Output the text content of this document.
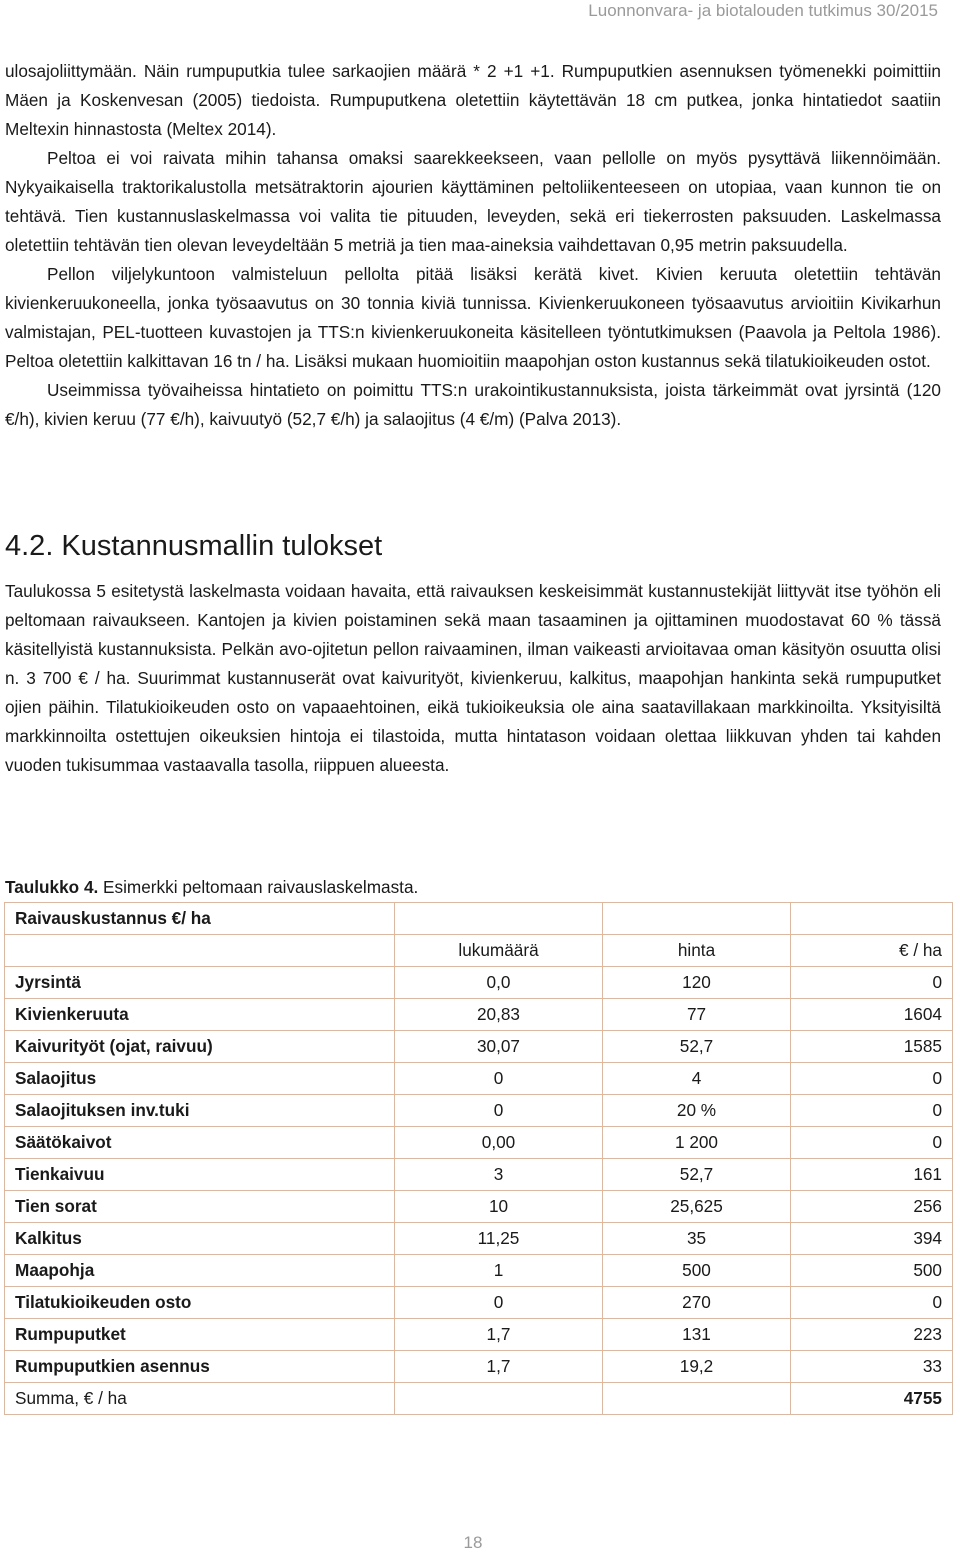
Luonnonvara- ja biotalouden tutkimus 30/2015

ulosajoliittymään. Näin rumpuputkia tulee sarkaojien määrä * 2 +1 +1. Rumpuputkien asennuksen työmenekki poimittiin Mäen ja Koskenvesan (2005) tiedoista. Rumpuputkena oletettiin käytettävän 18 cm putkea, jonka hintatiedot saatiin Meltexin hinnastosta (Meltex 2014).

Peltoa ei voi raivata mihin tahansa omaksi saarekkeekseen, vaan pellolle on myös pysyttävä liikennöimään. Nykyaikaisella traktorikalustolla metsätraktorin ajourien käyttäminen peltoliikenteeseen on utopiaa, vaan kunnon tie on tehtävä. Tien kustannuslaskelmassa voi valita tie pituuden, leveyden, sekä eri tiekerrosten paksuuden. Laskelmassa oletettiin tehtävän tien olevan leveydeltään 5 metriä ja tien maa-aineksia vaihdettavan 0,95 metrin paksuudella.

Pellon viljelykuntoon valmisteluun pellolta pitää lisäksi kerätä kivet. Kivien keruuta oletettiin tehtävän kivienkeruukoneella, jonka työsaavutus on 30 tonnia kiviä tunnissa. Kivienkeruukoneen työsaavutus arvioitiin Kivikarhun valmistajan, PEL-tuotteen kuvastojen ja TTS:n kivienkeruukoneita käsitelleen työntutkimuksen (Paavola ja Peltola 1986). Peltoa oletettiin kalkittavan 16 tn / ha. Lisäksi mukaan huomioitiin maapohjan oston kustannus sekä tilatukioikeuden ostot.

Useimmissa työvaiheissa hintatieto on poimittu TTS:n urakointikustannuksista, joista tärkeimmät ovat jyrsintä (120 €/h), kivien keruu (77 €/h), kaivuutyö (52,7 €/h) ja salaojitus (4 €/m) (Palva 2013).

4.2. Kustannusmallin tulokset

Taulukossa 5 esitetystä laskelmasta voidaan havaita, että raivauksen keskeisimmät kustannustekijät liittyvät itse työhön eli peltomaan raivaukseen. Kantojen ja kivien poistaminen sekä maan tasaaminen ja ojittaminen muodostavat 60 % tässä käsitellyistä kustannuksista. Pelkän avo-ojitetun pellon raivaaminen, ilman vaikeasti arvioitavaa oman käsityön osuutta olisi n. 3 700 € / ha. Suurimmat kustannuserät ovat kaivurityöt, kivienkeruu, kalkitus, maapohjan hankinta sekä rumpuputket ojien päihin. Tilatukioikeuden osto on vapaaehtoinen, eikä tukioikeuksia ole aina saatavillakaan markkinoilta. Yksityisiltä markkinnoilta ostettujen oikeuksien hintoja ei tilastoida, mutta hintatason voidaan olettaa liikkuvan yhden tai kahden vuoden tukisummaa vastaavalla tasolla, riippuen alueesta.

Taulukko 4. Esimerkki peltomaan raivauslaskelmasta.
Raivauskustannus €/ ha			
	lukumäärä	hinta	€ / ha
Jyrsintä	0,0	120	0
Kivienkeruuta	20,83	77	1604
Kaivurityöt (ojat, raivuu)	30,07	52,7	1585
Salaojitus	0	4	0
Salaojituksen inv.tuki	0	20 %	0
Säätökaivot	0,00	1 200	0
Tienkaivuu	3	52,7	161
Tien sorat	10	25,625	256
Kalkitus	11,25	35	394
Maapohja	1	500	500
Tilatukioikeuden osto	0	270	0
Rumpuputket	1,7	131	223
Rumpuputkien asennus	1,7	19,2	33
Summa, € / ha			4755
18
